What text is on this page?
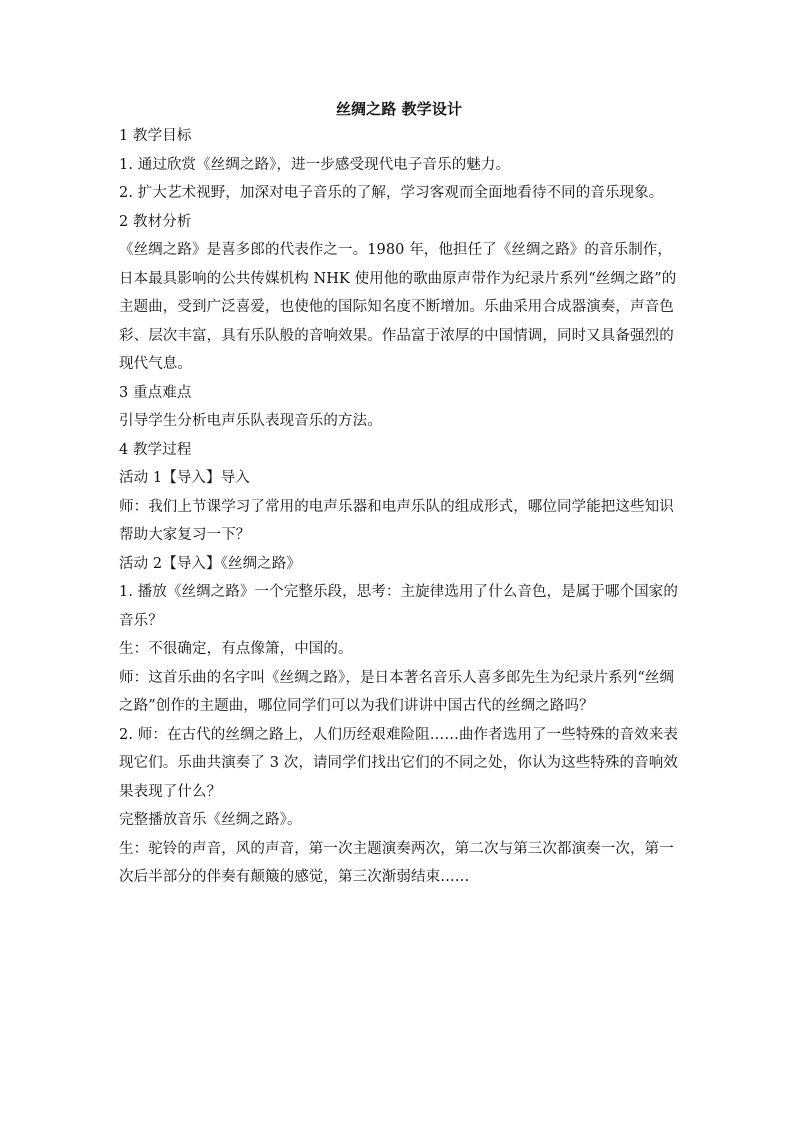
丝绸之路 教学设计
1 教学目标
1. 通过欣赏《丝绸之路》，进一步感受现代电子音乐的魅力。
2. 扩大艺术视野，加深对电子音乐的了解，学习客观而全面地看待不同的音乐现象。
2 教材分析
《丝绸之路》是喜多郎的代表作之一。1980 年，他担任了《丝绸之路》的音乐制作，日本最具影响的公共传媒机构 NHK 使用他的歌曲原声带作为纪录片系列“丝绸之路”的主题曲，受到广泛喜爱，也使他的国际知名度不断增加。乐曲采用合成器演奏，声音色彩、层次丰富，具有乐队般的音响效果。作品富于浓厚的中国情调，同时又具备强烈的现代气息。
3 重点难点
引导学生分析电声乐队表现音乐的方法。
4 教学过程
活动 1【导入】导入
师：我们上节课学习了常用的电声乐器和电声乐队的组成形式，哪位同学能把这些知识帮助大家复习一下？
活动 2【导入】《丝绸之路》
1. 播放《丝绸之路》一个完整乐段，思考：主旋律选用了什么音色，是属于哪个国家的音乐？
生：不很确定，有点像箫，中国的。
师：这首乐曲的名字叫《丝绸之路》，是日本著名音乐人喜多郎先生为纪录片系列“丝绸之路”创作的主题曲，哪位同学们可以为我们讲讲中国古代的丝绸之路吗？
2. 师：在古代的丝绸之路上，人们历经艰难险阻……曲作者选用了一些特殊的音效来表现它们。乐曲共演奏了 3 次，请同学们找出它们的不同之处，你认为这些特殊的音响效果表现了什么？
完整播放音乐《丝绸之路》。
生：驼铃的声音，风的声音，第一次主题演奏两次，第二次与第三次都演奏一次，第一次后半部分的伴奏有颠簸的感觉，第三次渐弱结束……
